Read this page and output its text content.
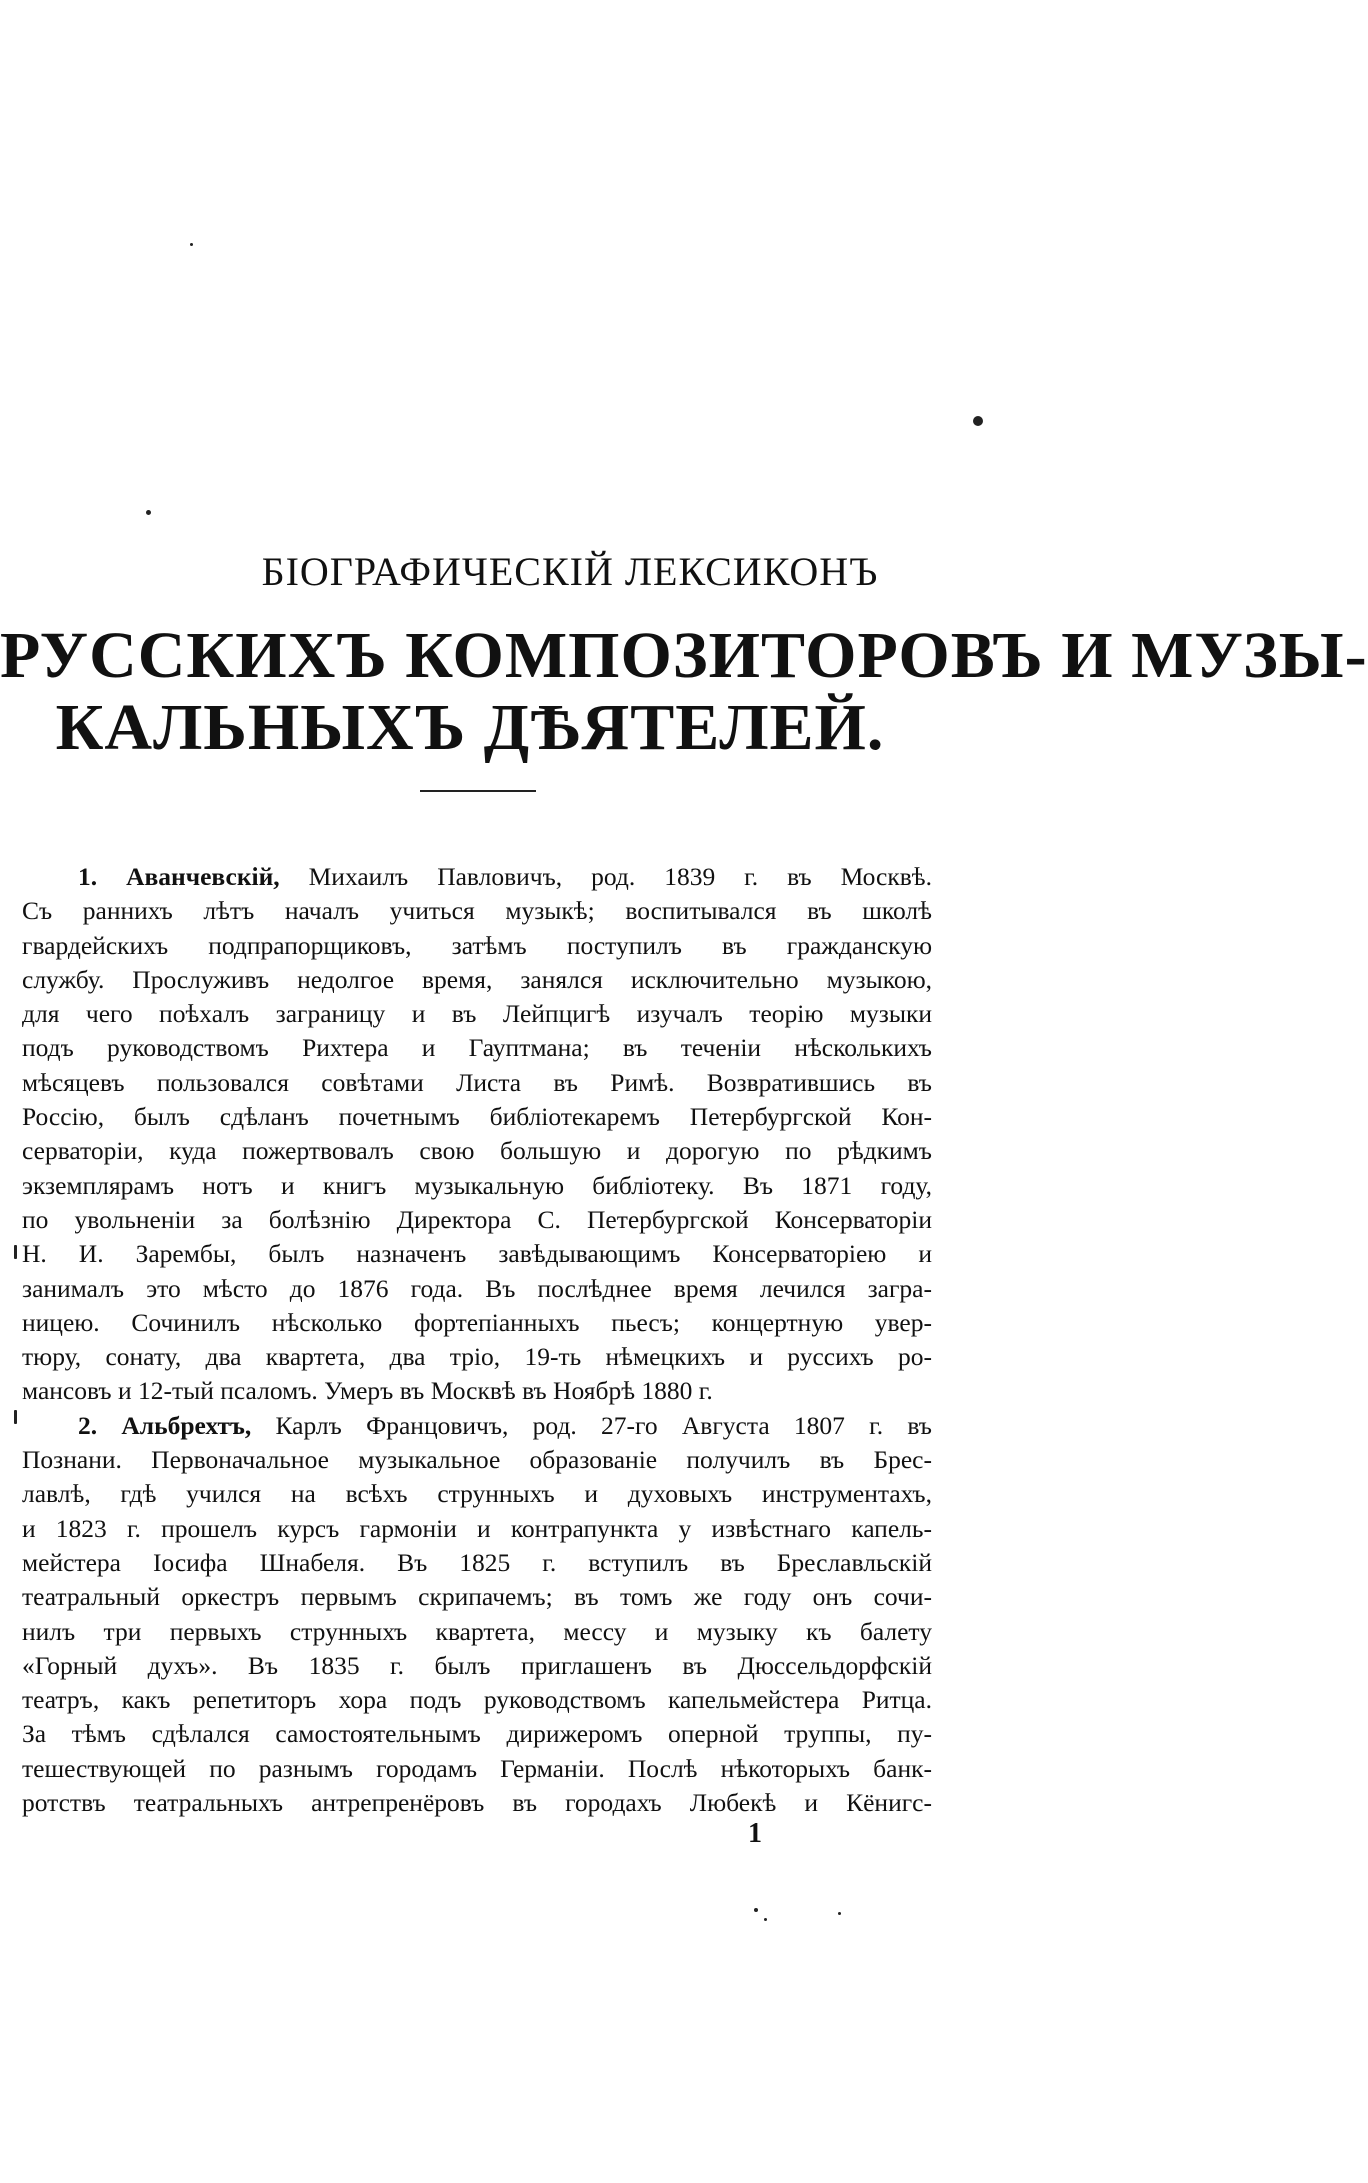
БІОГРАФИЧЕСКІЙ ЛЕКСИКОНЪ
РУССКИХЪ КОМПОЗИТОРОВЪ И МУЗЫ-
КАЛЬНЫХЪ ДѢЯТЕЛЕЙ.
1. Аванчевскій, Михаилъ Павловичъ, род. 1839 г. въ Москвѣ.
Съ раннихъ лѣтъ началъ учиться музыкѣ; воспитывался въ школѣ
гвардейскихъ подпрапорщиковъ, затѣмъ поступилъ въ гражданскую
службу. Прослуживъ недолгое время, занялся исключительно музыкою,
для чего поѣхалъ заграницу и въ Лейпцигѣ изучалъ теорію музыки
подъ руководствомъ Рихтера и Гауптмана; въ теченіи нѣсколькихъ
мѣсяцевъ пользовался совѣтами Листа въ Римѣ. Возвратившись въ
Россію, былъ сдѣланъ почетнымъ библіотекаремъ Петербургской Кон-
серваторіи, куда пожертвовалъ свою большую и дорогую по рѣдкимъ
экземплярамъ нотъ и книгъ музыкальную библіотеку. Въ 1871 году,
по увольненіи за болѣзнію Директора С. Петербургской Консерваторіи
Н. И. Зарембы, былъ назначенъ завѣдывающимъ Консерваторіею и
занималъ это мѣсто до 1876 года. Въ послѣднее время лечился загра-
ницею. Сочинилъ нѣсколько фортепіанныхъ пьесъ; концертную увер-
тюру, сонату, два квартета, два тріо, 19-ть нѣмецкихъ и руссихъ ро-
мансовъ и 12-тый псаломъ. Умеръ въ Москвѣ въ Ноябрѣ 1880 г.
2. Альбрехтъ, Карлъ Францовичъ, род. 27-го Августа 1807 г. въ
Познани. Первоначальное музыкальное образованіе получилъ въ Бреc-
лавлѣ, гдѣ учился на всѣхъ струнныхъ и духовыхъ инструментахъ,
и 1823 г. прошелъ курсъ гармоніи и контрапункта у извѣстнаго капель-
мейстера Іосифа Шнабеля. Въ 1825 г. вступилъ въ Бреславльскій
театральный оркестръ первымъ скрипачемъ; въ томъ же году онъ сочи-
нилъ три первыхъ струнныхъ квартета, мессу и музыку къ балету
«Горный духъ». Въ 1835 г. былъ приглашенъ въ Дюссельдорфскій
театръ, какъ репетиторъ хора подъ руководствомъ капельмейстера Ритца.
За тѣмъ сдѣлался самостоятельнымъ дирижеромъ оперной труппы, пу-
тешествующей по разнымъ городамъ Германіи. Послѣ нѣкоторыхъ банк-
ротствъ театральныхъ антрепренёровъ въ городахъ Любекѣ и Кёнигс-
1
